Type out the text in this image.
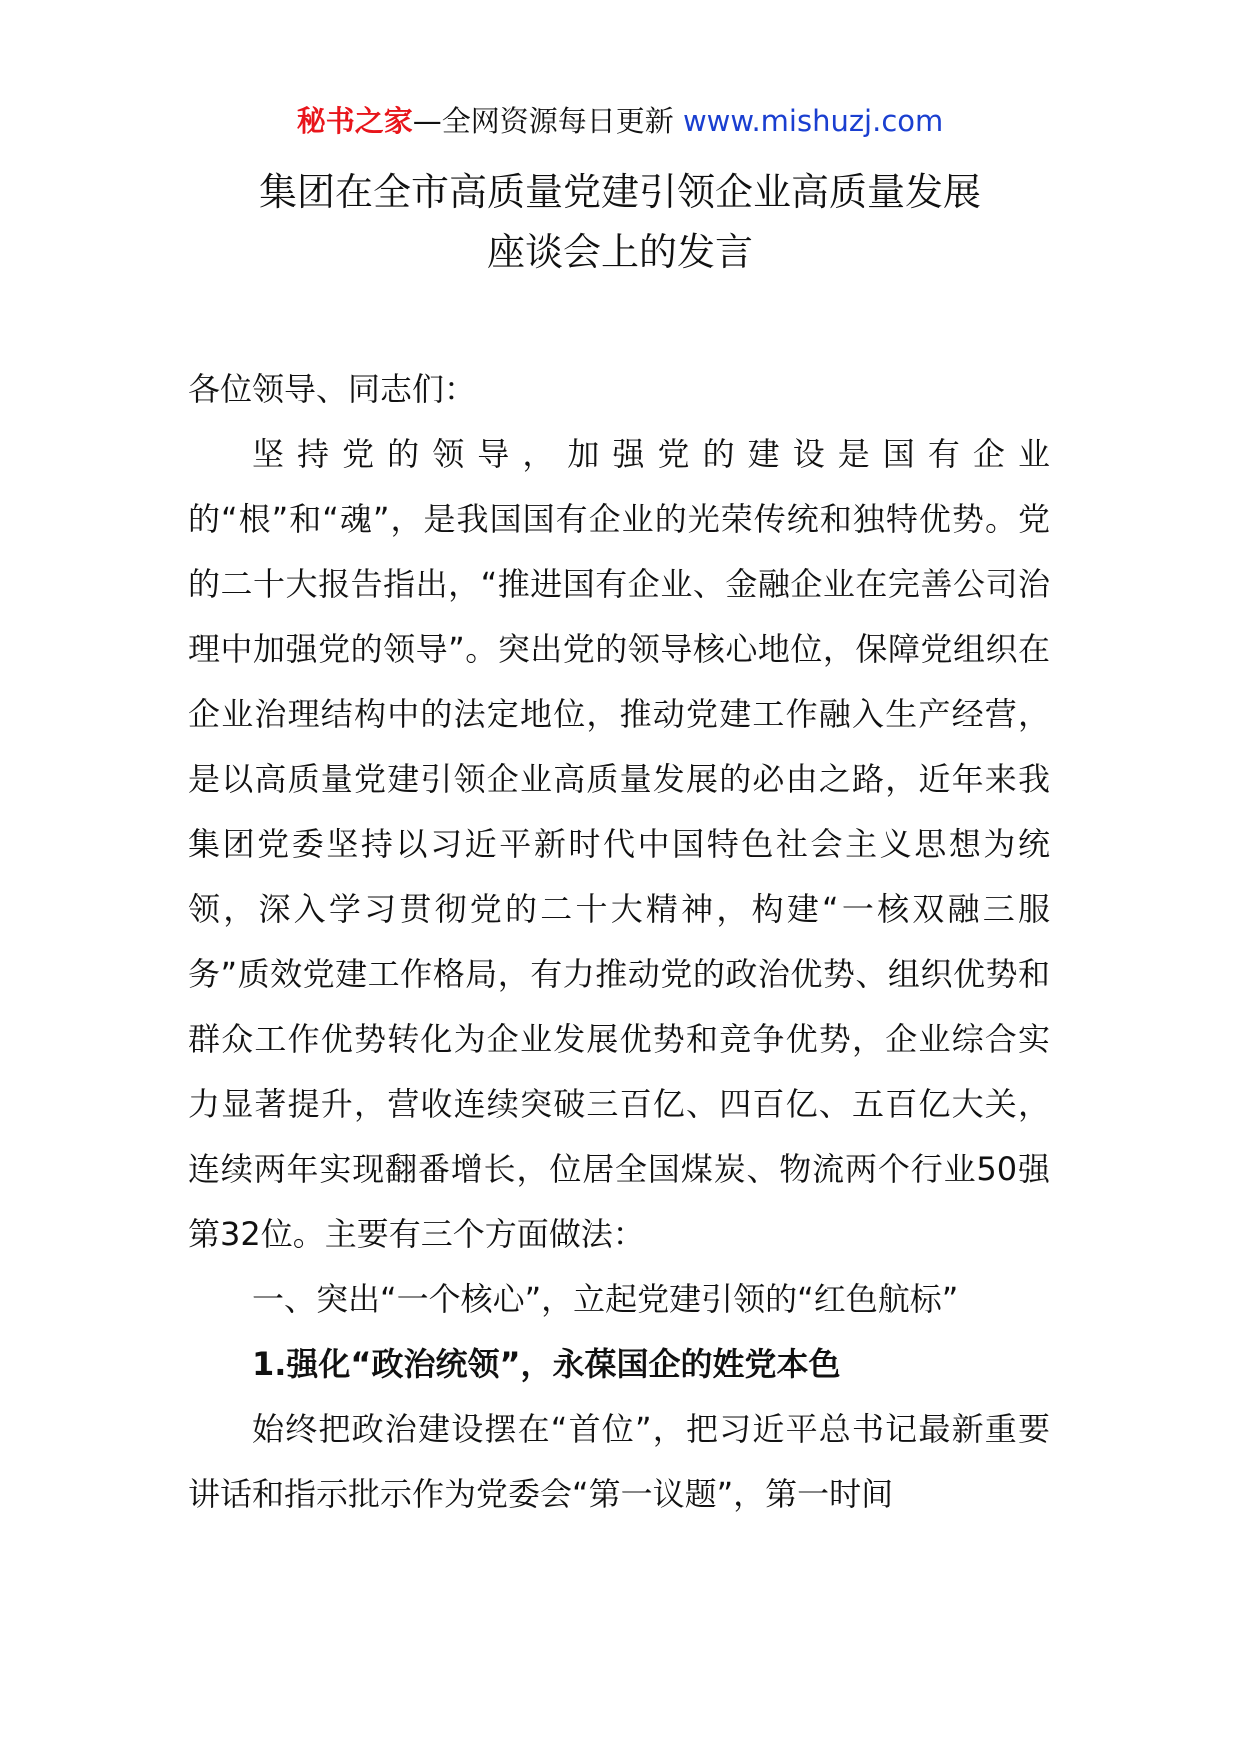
秘书之家—全网资源每日更新 www.mishuzj.com
集团在全市高质量党建引领企业高质量发展
座谈会上的发言

各位领导、同志们：

坚持党的领导，加强党的建设是国有企业的“根”和“魂”，是我国国有企业的光荣传统和独特优势。党的二十大报告指出，“推进国有企业、金融企业在完善公司治理中加强党的领导”。突出党的领导核心地位，保障党组织在企业治理结构中的法定地位，推动党建工作融入生产经营，是以高质量党建引领企业高质量发展的必由之路，近年来我集团党委坚持以习近平新时代中国特色社会主义思想为统领，深入学习贯彻党的二十大精神，构建“一核双融三服务”质效党建工作格局，有力推动党的政治优势、组织优势和群众工作优势转化为企业发展优势和竞争优势，企业综合实力显著提升，营收连续突破三百亿、四百亿、五百亿大关，连续两年实现翻番增长，位居全国煤炭、物流两个行业50强第32位。主要有三个方面做法：

一、突出“一个核心”，立起党建引领的“红色航标”

1.强化“政治统领”，永葆国企的姓党本色

始终把政治建设摆在“首位”，把习近平总书记最新重要讲话和指示批示作为党委会“第一议题”，第一时间
